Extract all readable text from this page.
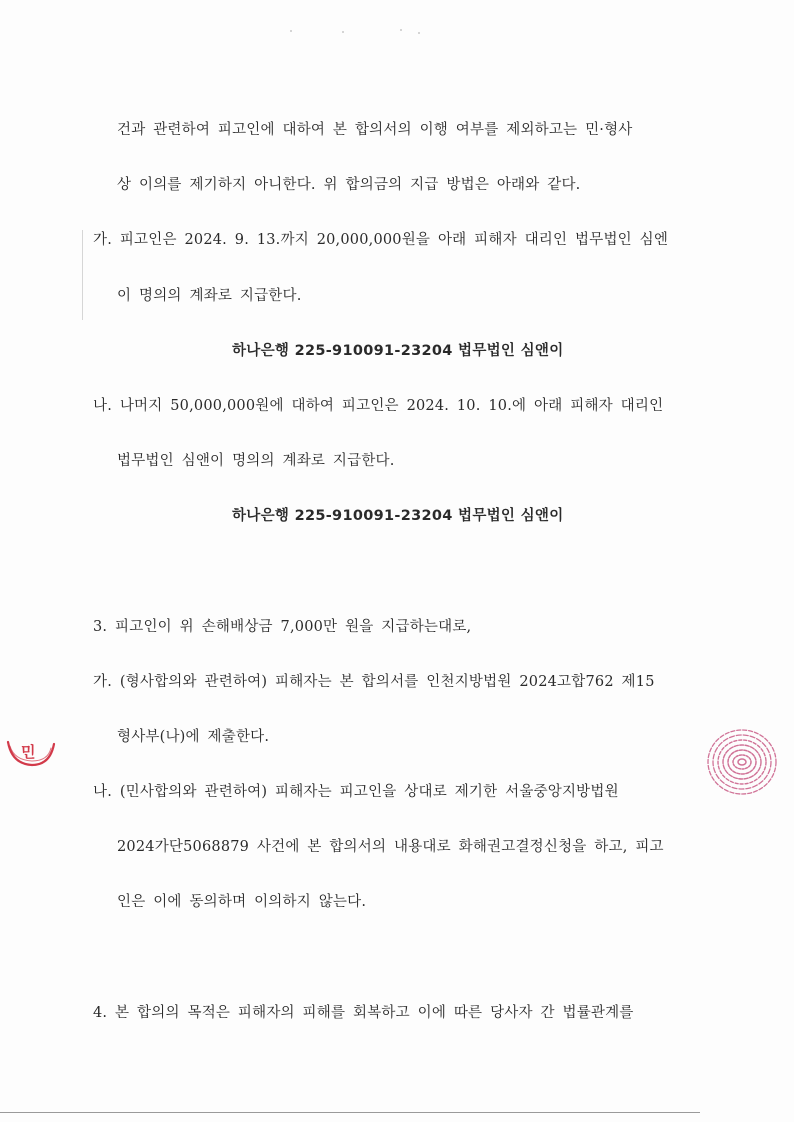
건과 관련하여 피고인에 대하여 본 합의서의 이행 여부를 제외하고는 민·형사
상 이의를 제기하지 아니한다. 위 합의금의 지급 방법은 아래와 같다.
가. 피고인은 2024. 9. 13.까지 20,000,000원을 아래 피해자 대리인 법무법인 심엔
이 명의의 계좌로 지급한다.
하나은행 225-910091-23204 법무법인 심앤이
나. 나머지 50,000,000원에 대하여 피고인은 2024. 10. 10.에 아래 피해자 대리인
법무법인 심앤이 명의의 계좌로 지급한다.
하나은행 225-910091-23204 법무법인 심앤이
3. 피고인이 위 손해배상금 7,000만 원을 지급하는대로,
가. (형사합의와 관련하여) 피해자는 본 합의서를 인천지방법원 2024고합762 제15
형사부(나)에 제출한다.
나. (민사합의와 관련하여) 피해자는 피고인을 상대로 제기한 서울중앙지방법원
2024가단5068879 사건에 본 합의서의 내용대로 화해권고결정신청을 하고, 피고
인은 이에 동의하며 이의하지 않는다.
4. 본 합의의 목적은 피해자의 피해를 회복하고 이에 따른 당사자 간 법률관계를
민
